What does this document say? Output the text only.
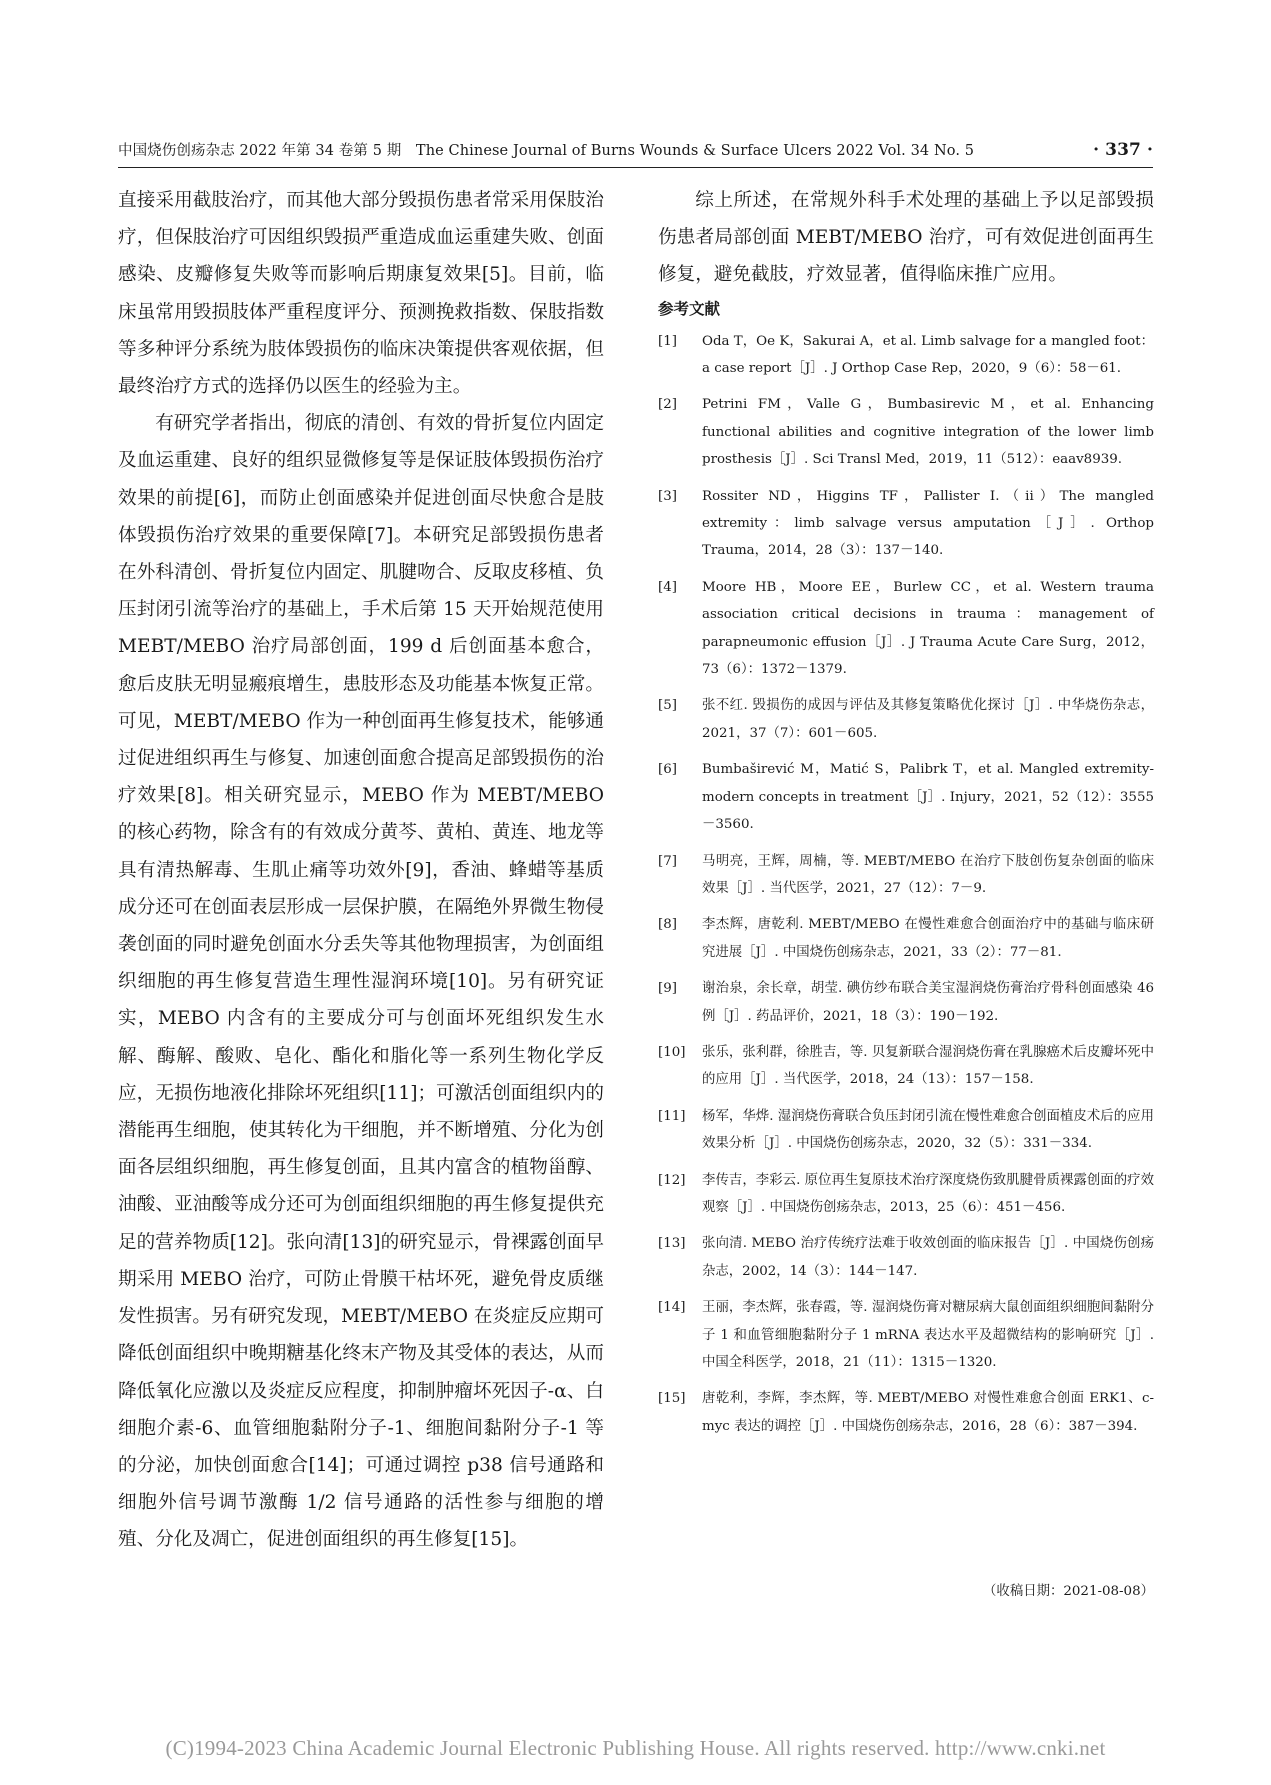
中国烧伤创疡杂志 2022 年第 34 卷第 5 期　The Chinese Journal of Burns Wounds & Surface Ulcers 2022 Vol. 34 No. 5	· 337 ·

直接采用截肢治疗，而其他大部分毁损伤患者常采用保肢治疗，但保肢治疗可因组织毁损严重造成血运重建失败、创面感染、皮瓣修复失败等而影响后期康复效果[5]。目前，临床虽常用毁损肢体严重程度评分、预测挽救指数、保肢指数等多种评分系统为肢体毁损伤的临床决策提供客观依据，但最终治疗方式的选择仍以医生的经验为主。

有研究学者指出，彻底的清创、有效的骨折复位内固定及血运重建、良好的组织显微修复等是保证肢体毁损伤治疗效果的前提[6]，而防止创面感染并促进创面尽快愈合是肢体毁损伤治疗效果的重要保障[7]。本研究足部毁损伤患者在外科清创、骨折复位内固定、肌腱吻合、反取皮移植、负压封闭引流等治疗的基础上，手术后第 15 天开始规范使用 MEBT/MEBO 治疗局部创面，199 d 后创面基本愈合，愈后皮肤无明显瘢痕增生，患肢形态及功能基本恢复正常。可见，MEBT/MEBO 作为一种创面再生修复技术，能够通过促进组织再生与修复、加速创面愈合提高足部毁损伤的治疗效果[8]。相关研究显示，MEBO 作为 MEBT/MEBO 的核心药物，除含有的有效成分黄芩、黄柏、黄连、地龙等具有清热解毒、生肌止痛等功效外[9]，香油、蜂蜡等基质成分还可在创面表层形成一层保护膜，在隔绝外界微生物侵袭创面的同时避免创面水分丢失等其他物理损害，为创面组织细胞的再生修复营造生理性湿润环境[10]。另有研究证实，MEBO 内含有的主要成分可与创面坏死组织发生水解、酶解、酸败、皂化、酯化和脂化等一系列生物化学反应，无损伤地液化排除坏死组织[11]；可激活创面组织内的潜能再生细胞，使其转化为干细胞，并不断增殖、分化为创面各层组织细胞，再生修复创面，且其内富含的植物甾醇、油酸、亚油酸等成分还可为创面组织细胞的再生修复提供充足的营养物质[12]。张向清[13]的研究显示，骨裸露创面早期采用 MEBO 治疗，可防止骨膜干枯坏死，避免骨皮质继发性损害。另有研究发现，MEBT/MEBO 在炎症反应期可降低创面组织中晚期糖基化终末产物及其受体的表达，从而降低氧化应激以及炎症反应程度，抑制肿瘤坏死因子-α、白细胞介素-6、血管细胞黏附分子-1、细胞间黏附分子-1 等的分泌，加快创面愈合[14]；可通过调控 p38 信号通路和细胞外信号调节激酶 1/2 信号通路的活性参与细胞的增殖、分化及凋亡，促进创面组织的再生修复[15]。

综上所述，在常规外科手术处理的基础上予以足部毁损伤患者局部创面 MEBT/MEBO 治疗，可有效促进创面再生修复，避免截肢，疗效显著，值得临床推广应用。

参考文献
[1]	Oda T，Oe K，Sakurai A，et al. Limb salvage for a mangled foot：a case report［J］. J Orthop Case Rep，2020，9（6）：58－61.
[2]	Petrini FM，Valle G，Bumbasirevic M，et al. Enhancing functional abilities and cognitive integration of the lower limb prosthesis［J］. Sci Transl Med，2019，11（512）：eaav8939.
[3]	Rossiter ND，Higgins TF，Pallister I.（ii）The mangled extremity：limb salvage versus amputation［J］. Orthop Trauma，2014，28（3）：137－140.
[4]	Moore HB，Moore EE，Burlew CC，et al. Western trauma association critical decisions in trauma：management of parapneumonic effusion［J］. J Trauma Acute Care Surg，2012，73（6）：1372－1379.
[5]	张不红. 毁损伤的成因与评估及其修复策略优化探讨［J］. 中华烧伤杂志，2021，37（7）：601－605.
[6]	Bumbaširević M，Matić S，Palibrk T，et al. Mangled extremity-modern concepts in treatment［J］. Injury，2021，52（12）：3555－3560.
[7]	马明亮，王辉，周楠，等. MEBT/MEBO 在治疗下肢创伤复杂创面的临床效果［J］. 当代医学，2021，27（12）：7－9.
[8]	李杰辉，唐乾利. MEBT/MEBO 在慢性难愈合创面治疗中的基础与临床研究进展［J］. 中国烧伤创疡杂志，2021，33（2）：77－81.
[9]	谢治泉，余长章，胡莹. 碘仿纱布联合美宝湿润烧伤膏治疗骨科创面感染 46 例［J］. 药品评价，2021，18（3）：190－192.
[10]	张乐，张利群，徐胜吉，等. 贝复新联合湿润烧伤膏在乳腺癌术后皮瓣坏死中的应用［J］. 当代医学，2018，24（13）：157－158.
[11]	杨军，华烨. 湿润烧伤膏联合负压封闭引流在慢性难愈合创面植皮术后的应用效果分析［J］. 中国烧伤创疡杂志，2020，32（5）：331－334.
[12]	李传吉，李彩云. 原位再生复原技术治疗深度烧伤致肌腱骨质裸露创面的疗效观察［J］. 中国烧伤创疡杂志，2013，25（6）：451－456.
[13]	张向清. MEBO 治疗传统疗法难于收效创面的临床报告［J］. 中国烧伤创疡杂志，2002，14（3）：144－147.
[14]	王丽，李杰辉，张春霞，等. 湿润烧伤膏对糖尿病大鼠创面组织细胞间黏附分子 1 和血管细胞黏附分子 1 mRNA 表达水平及超微结构的影响研究［J］. 中国全科医学，2018，21（11）：1315－1320.
[15]	唐乾利，李辉，李杰辉，等. MEBT/MEBO 对慢性难愈合创面 ERK1、c-myc 表达的调控［J］. 中国烧伤创疡杂志，2016，28（6）：387－394.
（收稿日期：2021-08-08）
(C)1994-2023 China Academic Journal Electronic Publishing House. All rights reserved. http://www.cnki.net
